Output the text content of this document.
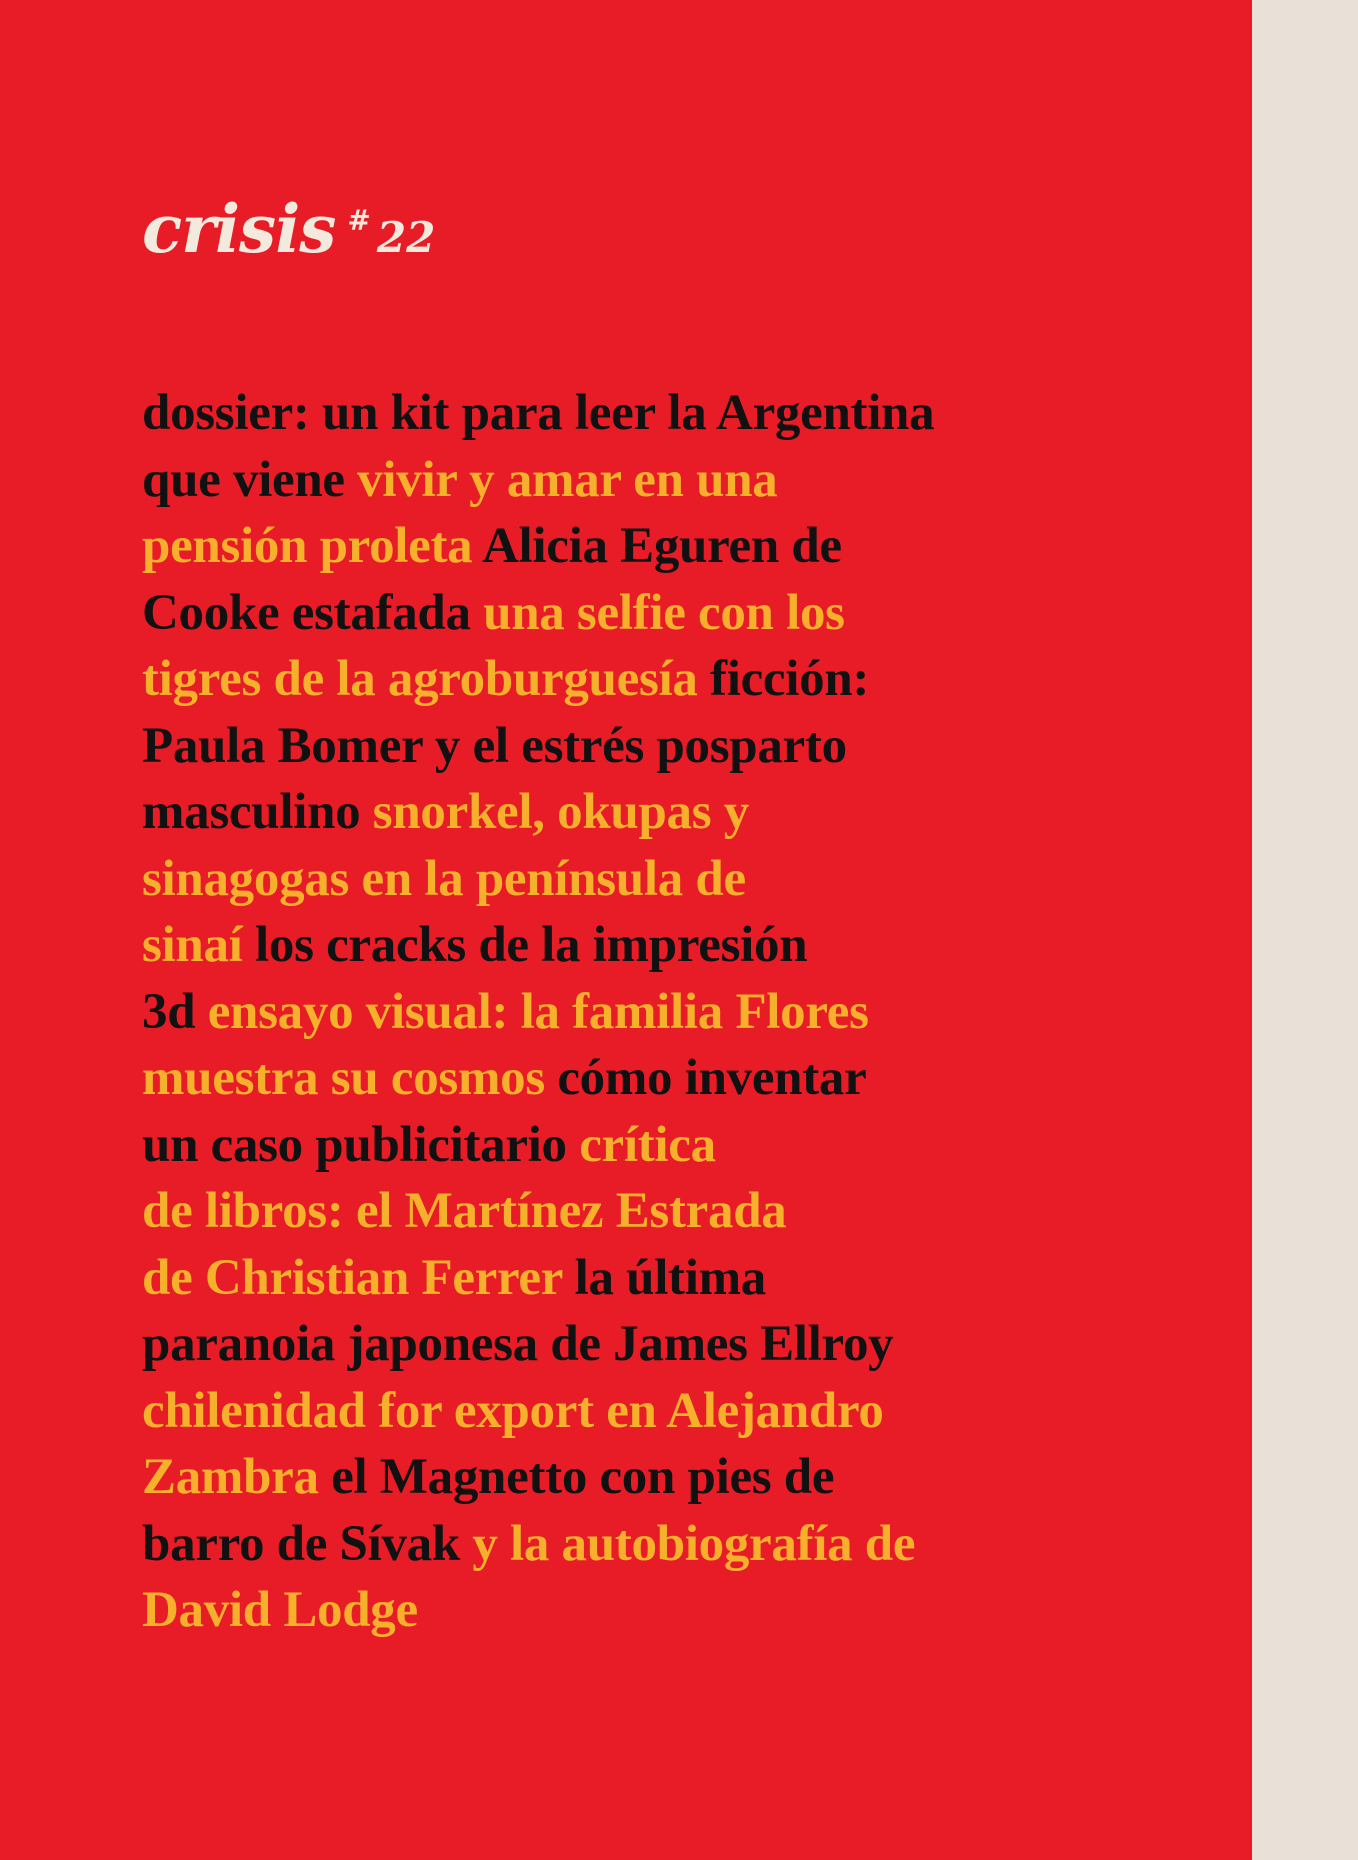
crisis # 22
dossier: un kit para leer la Argentina
que viene vivir y amar en una
pensión proleta Alicia Eguren de
Cooke estafada una selfie con los
tigres de la agroburguesía ficción:
Paula Bomer y el estrés posparto
masculino snorkel, okupas y
sinagogas en la península de
sinaí los cracks de la impresión
3d ensayo visual: la familia Flores
muestra su cosmos cómo inventar
un caso publicitario crítica
de libros: el Martínez Estrada
de Christian Ferrer la última
paranoia japonesa de James Ellroy
chilenidad for export en Alejandro
Zambra el Magnetto con pies de
barro de Sívak y la autobiografía de
David Lodge
